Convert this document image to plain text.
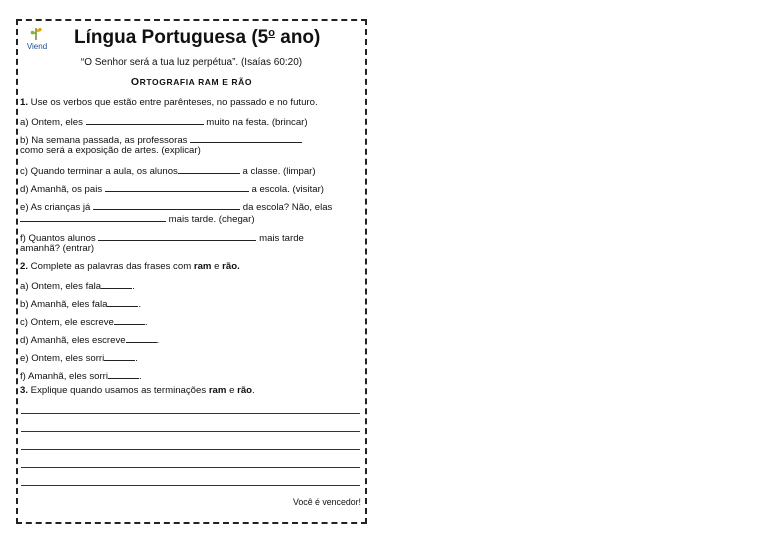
Viend Língua Portuguesa (5$^o$ ano)
“O Senhor será a tua luz perpétua”. (Isaías 60:20)
ORTOGRAFIA RAM E RÃO
1. Use os verbos que estão entre parênteses, no passado e no futuro.
a) Ontem, eles	muito na festa. (brincar)
b) Na semana passada, as professoras
como será a exposição de artes. (explicar)
c) Quando terminar a aula, os alunos	a classe. (limpar)
d) Amanhã, os pais	a escola. (visitar)
e) As crianças já	da escola? Não, elas
mais tarde. (chegar)
f) Quantos alunos	mais tarde
amanhã? (entrar)
2. Complete as palavras das frases com ram e rão.
a) Ontem, eles fala	.
b) Amanhã, eles fala	.
c) Ontem, ele escreve	.
d) Amanhã, eles escreve	.
e) Ontem, eles sorri	.
f) Amanhã, eles sorri	.
3. Explique quando usamos as terminações ram e rão.
Você é vencedor!
